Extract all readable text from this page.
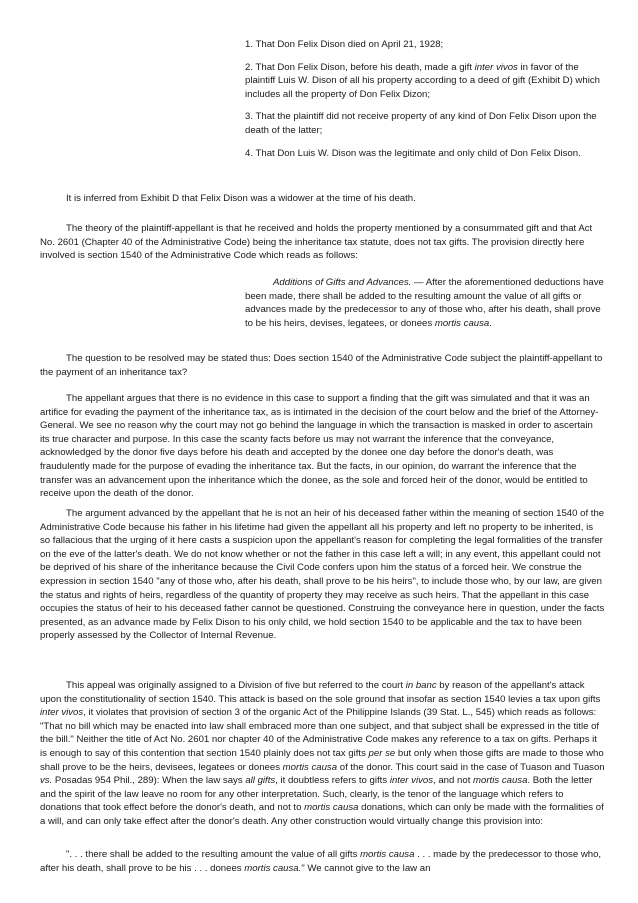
1. That Don Felix Dison died on April 21, 1928;

2. That Don Felix Dison, before his death, made a gift inter vivos in favor of the plaintiff Luis W. Dison of all his property according to a deed of gift (Exhibit D) which includes all the property of Don Felix Dizon;

3. That the plaintiff did not receive property of any kind of Don Felix Dison upon the death of the latter;

4. That Don Luis W. Dison was the legitimate and only child of Don Felix Dison.

It is inferred from Exhibit D that Felix Dison was a widower at the time of his death.

The theory of the plaintiff-appellant is that he received and holds the property mentioned by a consummated gift and that Act No. 2601 (Chapter 40 of the Administrative Code) being the inheritance tax statute, does not tax gifts. The provision directly here involved is section 1540 of the Administrative Code which reads as follows:

Additions of Gifts and Advances. — After the aforementioned deductions have been made, there shall be added to the resulting amount the value of all gifts or advances made by the predecessor to any of those who, after his death, shall prove to be his heirs, devises, legatees, or donees mortis causa.

The question to be resolved may be stated thus: Does section 1540 of the Administrative Code subject the plaintiff-appellant to the payment of an inheritance tax?

The appellant argues that there is no evidence in this case to support a finding that the gift was simulated and that it was an artifice for evading the payment of the inheritance tax, as is intimated in the decision of the court below and the brief of the Attorney-General. We see no reason why the court may not go behind the language in which the transaction is masked in order to ascertain its true character and purpose. In this case the scanty facts before us may not warrant the inference that the conveyance, acknowledged by the donor five days before his death and accepted by the donee one day before the donor's death, was fraudulently made for the purpose of evading the inheritance tax. But the facts, in our opinion, do warrant the inference that the transfer was an advancement upon the inheritance which the donee, as the sole and forced heir of the donor, would be entitled to receive upon the death of the donor.

The argument advanced by the appellant that he is not an heir of his deceased father within the meaning of section 1540 of the Administrative Code because his father in his lifetime had given the appellant all his property and left no property to be inherited, is so fallacious that the urging of it here casts a suspicion upon the appellant's reason for completing the legal formalities of the transfer on the eve of the latter's death. We do not know whether or not the father in this case left a will; in any event, this appellant could not be deprived of his share of the inheritance because the Civil Code confers upon him the status of a forced heir. We construe the expression in section 1540 "any of those who, after his death, shall prove to be his heirs", to include those who, by our law, are given the status and rights of heirs, regardless of the quantity of property they may receive as such heirs. That the appellant in this case occupies the status of heir to his deceased father cannot be questioned. Construing the conveyance here in question, under the facts presented, as an advance made by Felix Dison to his only child, we hold section 1540 to be applicable and the tax to have been properly assessed by the Collector of Internal Revenue.

This appeal was originally assigned to a Division of five but referred to the court in banc by reason of the appellant's attack upon the constitutionality of section 1540. This attack is based on the sole ground that insofar as section 1540 levies a tax upon gifts inter vivos, it violates that provision of section 3 of the organic Act of the Philippine Islands (39 Stat. L., 545) which reads as follows: "That no bill which may be enacted into law shall embraced more than one subject, and that subject shall be expressed in the title of the bill." Neither the title of Act No. 2601 nor chapter 40 of the Administrative Code makes any reference to a tax on gifts. Perhaps it is enough to say of this contention that section 1540 plainly does not tax gifts per se but only when those gifts are made to those who shall prove to be the heirs, devisees, legatees or donees mortis causa of the donor. This court said in the case of Tuason and Tuason vs. Posadas 954 Phil., 289): When the law says all gifts, it doubtless refers to gifts inter vivos, and not mortis causa. Both the letter and the spirit of the law leave no room for any other interpretation. Such, clearly, is the tenor of the language which refers to donations that took effect before the donor's death, and not to mortis causa donations, which can only be made with the formalities of a will, and can only take effect after the donor's death. Any other construction would virtually change this provision into:

". . . there shall be added to the resulting amount the value of all gifts mortis causa . . . made by the predecessor to those who, after his death, shall prove to be his . . . donees mortis causa." We cannot give to the law an
